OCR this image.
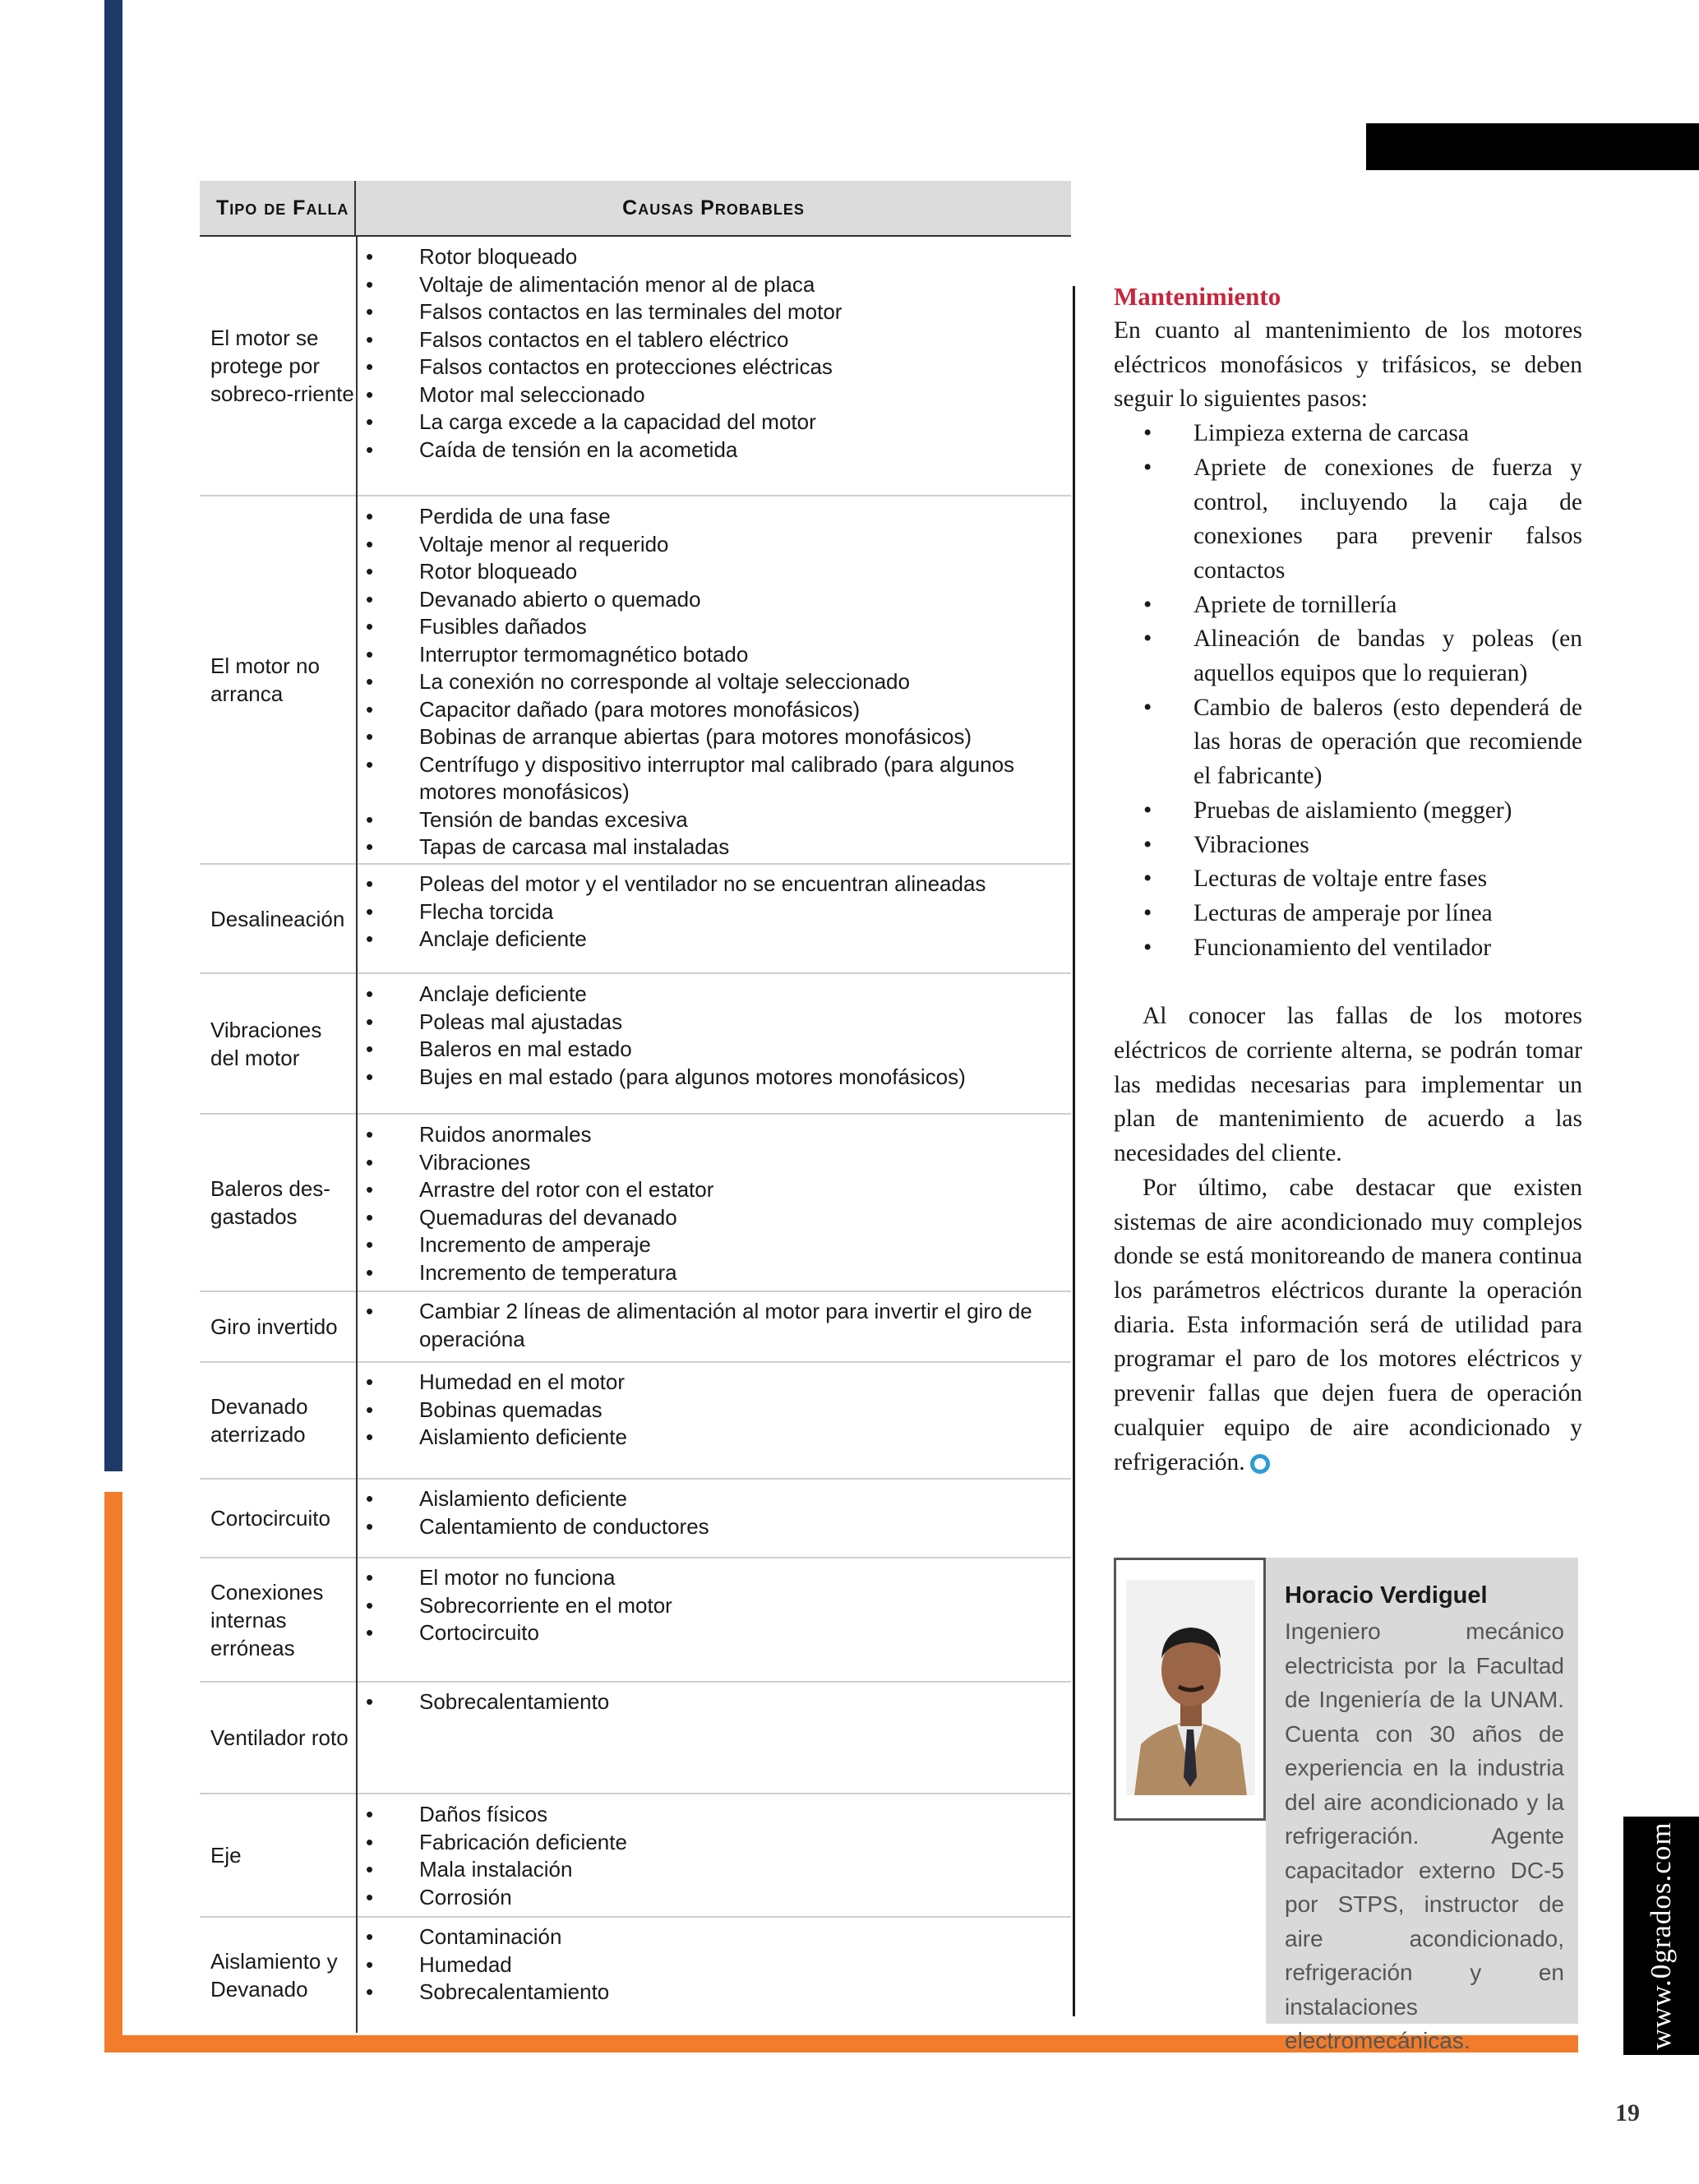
Tipo de Falla	Causas Probables
El motor se protege por sobreco-rriente
• Rotor bloqueado
• Voltaje de alimentación menor al de placa
• Falsos contactos en las terminales del motor
• Falsos contactos en el tablero eléctrico
• Falsos contactos en protecciones eléctricas
• Motor mal seleccionado
• La carga excede a la capacidad del motor
• Caída de tensión en la acometida
El motor no arranca
• Perdida de una fase
• Voltaje menor al requerido
• Rotor bloqueado
• Devanado abierto o quemado
• Fusibles dañados
• Interruptor termomagnético botado
• La conexión no corresponde al voltaje seleccionado
• Capacitor dañado (para motores monofásicos)
• Bobinas de arranque abiertas (para motores monofásicos)
• Centrífugo y dispositivo interruptor mal calibrado (para algunos motores monofásicos)
• Tensión de bandas excesiva
• Tapas de carcasa mal instaladas
Desalineación
• Poleas del motor y el ventilador no se encuentran alineadas
• Flecha torcida
• Anclaje deficiente
Vibraciones del motor
• Anclaje deficiente
• Poleas mal ajustadas
• Baleros en mal estado
• Bujes en mal estado (para algunos motores monofásicos)
Baleros des-gastados
• Ruidos anormales
• Vibraciones
• Arrastre del rotor con el estator
• Quemaduras del devanado
• Incremento de amperaje
• Incremento de temperatura
Giro invertido
• Cambiar 2 líneas de alimentación al motor para invertir el giro de operacióna
Devanado aterrizado
• Humedad en el motor
• Bobinas quemadas
• Aislamiento deficiente
Cortocircuito
• Aislamiento deficiente
• Calentamiento de conductores
Conexiones internas erróneas
• El motor no funciona
• Sobrecorriente en el motor
• Cortocircuito
Ventilador roto
• Sobrecalentamiento
Eje
• Daños físicos
• Fabricación deficiente
• Mala instalación
• Corrosión
Aislamiento y Devanado
• Contaminación
• Humedad
• Sobrecalentamiento
Mantenimiento

En cuanto al mantenimiento de los motores eléctricos monofásicos y trifásicos, se deben seguir lo siguientes pasos:

• Limpieza externa de carcasa
• Apriete de conexiones de fuerza y control, incluyendo la caja de conexiones para prevenir falsos contactos
• Apriete de tornillería
• Alineación de bandas y poleas (en aquellos equipos que lo requieran)
• Cambio de baleros (esto dependerá de las horas de operación que recomiende el fabricante)
• Pruebas de aislamiento (megger)
• Vibraciones
• Lecturas de voltaje entre fases
• Lecturas de amperaje por línea
• Funcionamiento del ventilador

Al conocer las fallas de los motores eléctricos de corriente alterna, se podrán tomar las medidas necesarias para implementar un plan de mantenimiento de acuerdo a las necesidades del cliente.

Por último, cabe destacar que existen sistemas de aire acondicionado muy complejos donde se está monitoreando de manera continua los parámetros eléctricos durante la operación diaria. Esta información será de utilidad para programar el paro de los motores eléctricos y prevenir fallas que dejen fuera de operación cualquier equipo de aire acondicionado y refrigeración.

Horacio Verdiguel
Ingeniero mecánico electricista por la Facultad de Ingeniería de la UNAM. Cuenta con 30 años de experiencia en la industria del aire acondicionado y la refrigeración. Agente capacitador externo DC-5 por STPS, instructor de aire acondicionado, refrigeración y en instalaciones electromecánicas.	www.0grados.com
19
